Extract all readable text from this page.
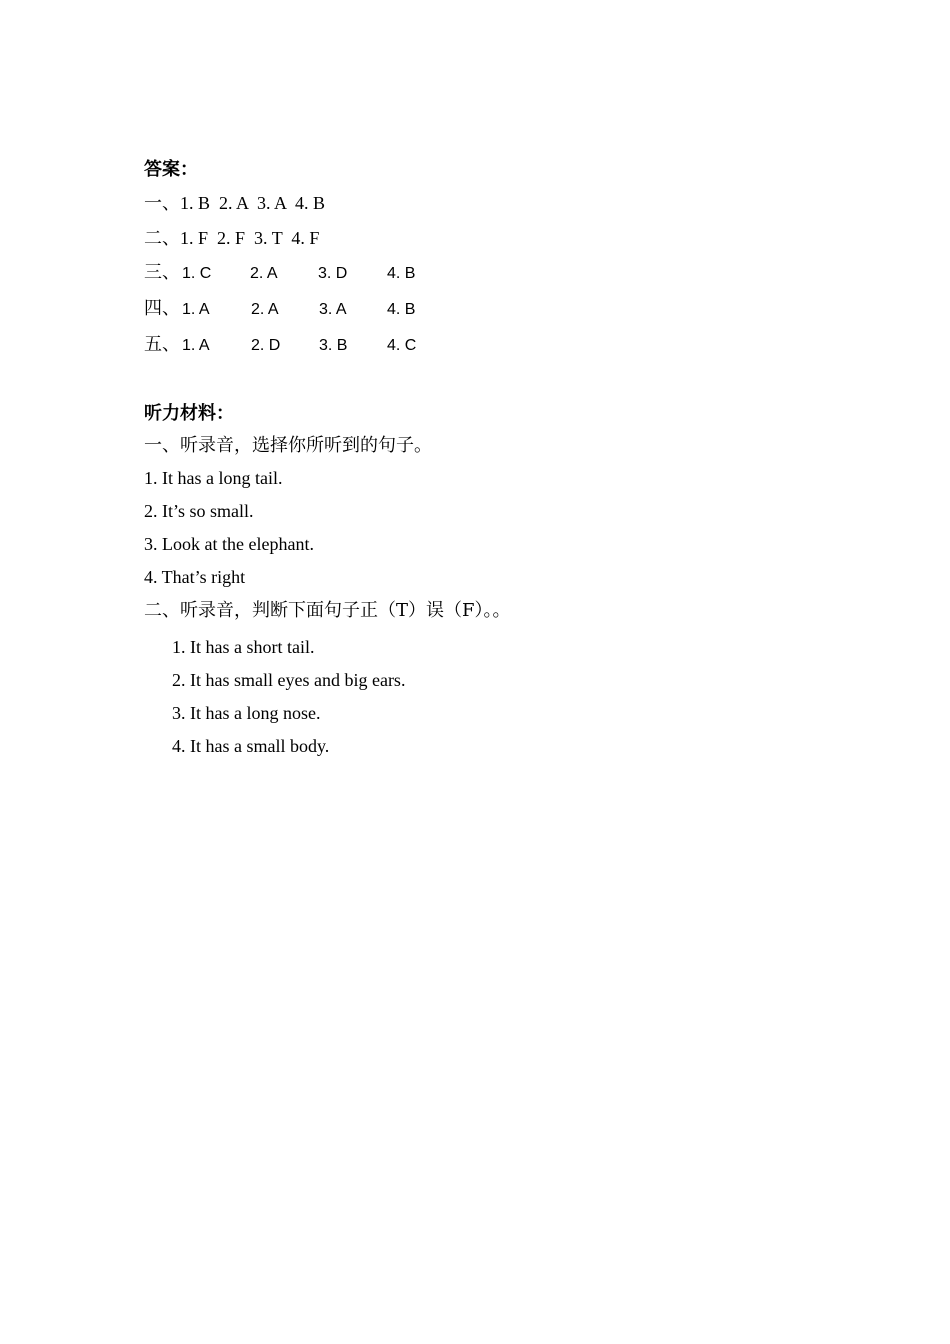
答案：
一、1. B  2. A  3. A  4. B
二、1. F  2. F  3. T  4. F
三、 1. C 2. A	3. D 4. B
四、 1. A	2. A	3. A	4. B
五、 1. A	2. D 3. B 4. C
听力材料：
一、听录音，选择你所听到的句子。
1. It has a long tail.
2. It’s so small.
3. Look at the elephant.
4. That’s right
二、听录音，判断下面句子正（T）误（F）。。
1. It has a short tail.
2. It has small eyes and big ears.
3. It has a long nose.
4. It has a small body.
